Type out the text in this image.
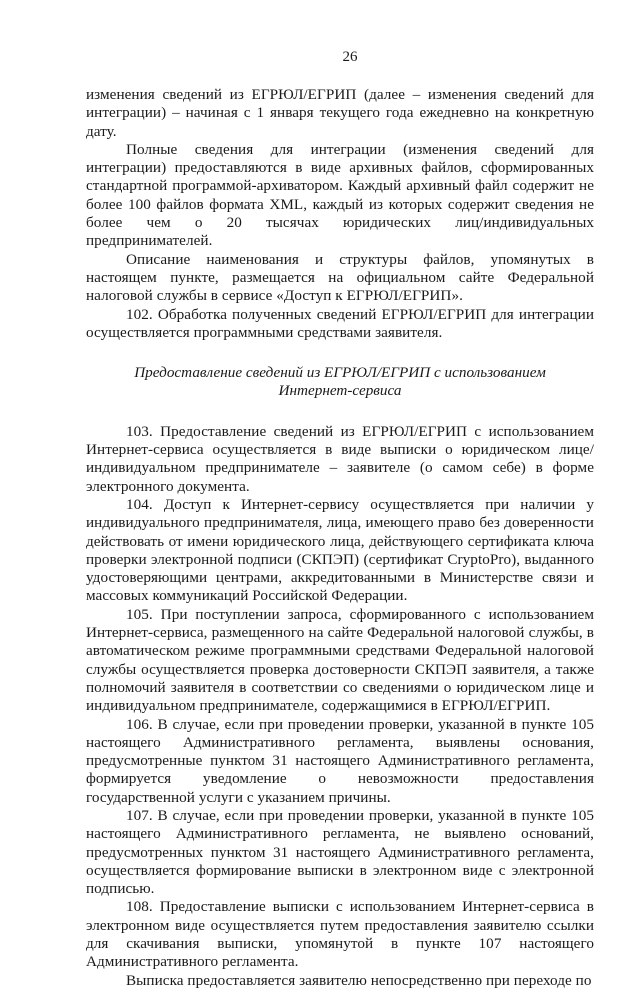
26

изменения сведений из ЕГРЮЛ/ЕГРИП (далее – изменения сведений для интеграции) – начиная с 1 января текущего года ежедневно на конкретную дату.

Полные сведения для интеграции (изменения сведений для интеграции) предоставляются в виде архивных файлов, сформированных стандартной программой-архиватором. Каждый архивный файл содержит не более 100 файлов формата XML, каждый из которых содержит сведения не более чем о 20 тысячах юридических лиц/индивидуальных предпринимателей.

Описание наименования и структуры файлов, упомянутых в настоящем пункте, размещается на официальном сайте Федеральной налоговой службы в сервисе «Доступ к ЕГРЮЛ/ЕГРИП».

102. Обработка полученных сведений ЕГРЮЛ/ЕГРИП для интеграции осуществляется программными средствами заявителя.

Предоставление сведений из ЕГРЮЛ/ЕГРИП с использованием
Интернет-сервиса

103. Предоставление сведений из ЕГРЮЛ/ЕГРИП с использованием Интернет-сервиса осуществляется в виде выписки о юридическом лице/индивидуальном предпринимателе – заявителе (о самом себе) в форме электронного документа.

104. Доступ к Интернет-сервису осуществляется при наличии у индивидуального предпринимателя, лица, имеющего право без доверенности действовать от имени юридического лица, действующего сертификата ключа проверки электронной подписи (СКПЭП) (сертификат CryptoPro), выданного удостоверяющими центрами, аккредитованными в Министерстве связи и массовых коммуникаций Российской Федерации.

105. При поступлении запроса, сформированного с использованием Интернет-сервиса, размещенного на сайте Федеральной налоговой службы, в автоматическом режиме программными средствами Федеральной налоговой службы осуществляется проверка достоверности СКПЭП заявителя, а также полномочий заявителя в соответствии со сведениями о юридическом лице и индивидуальном предпринимателе, содержащимися в ЕГРЮЛ/ЕГРИП.

106. В случае, если при проведении проверки, указанной в пункте 105 настоящего Административного регламента, выявлены основания, предусмотренные пунктом 31 настоящего Административного регламента, формируется уведомление о невозможности предоставления государственной услуги с указанием причины.

107. В случае, если при проведении проверки, указанной в пункте 105 настоящего Административного регламента, не выявлено оснований, предусмотренных пунктом 31 настоящего Административного регламента, осуществляется формирование выписки в электронном виде с электронной подписью.

108. Предоставление выписки с использованием Интернет-сервиса в электронном виде осуществляется путем предоставления заявителю ссылки для скачивания выписки, упомянутой в пункте 107 настоящего Административного регламента.

Выписка предоставляется заявителю непосредственно при переходе по
